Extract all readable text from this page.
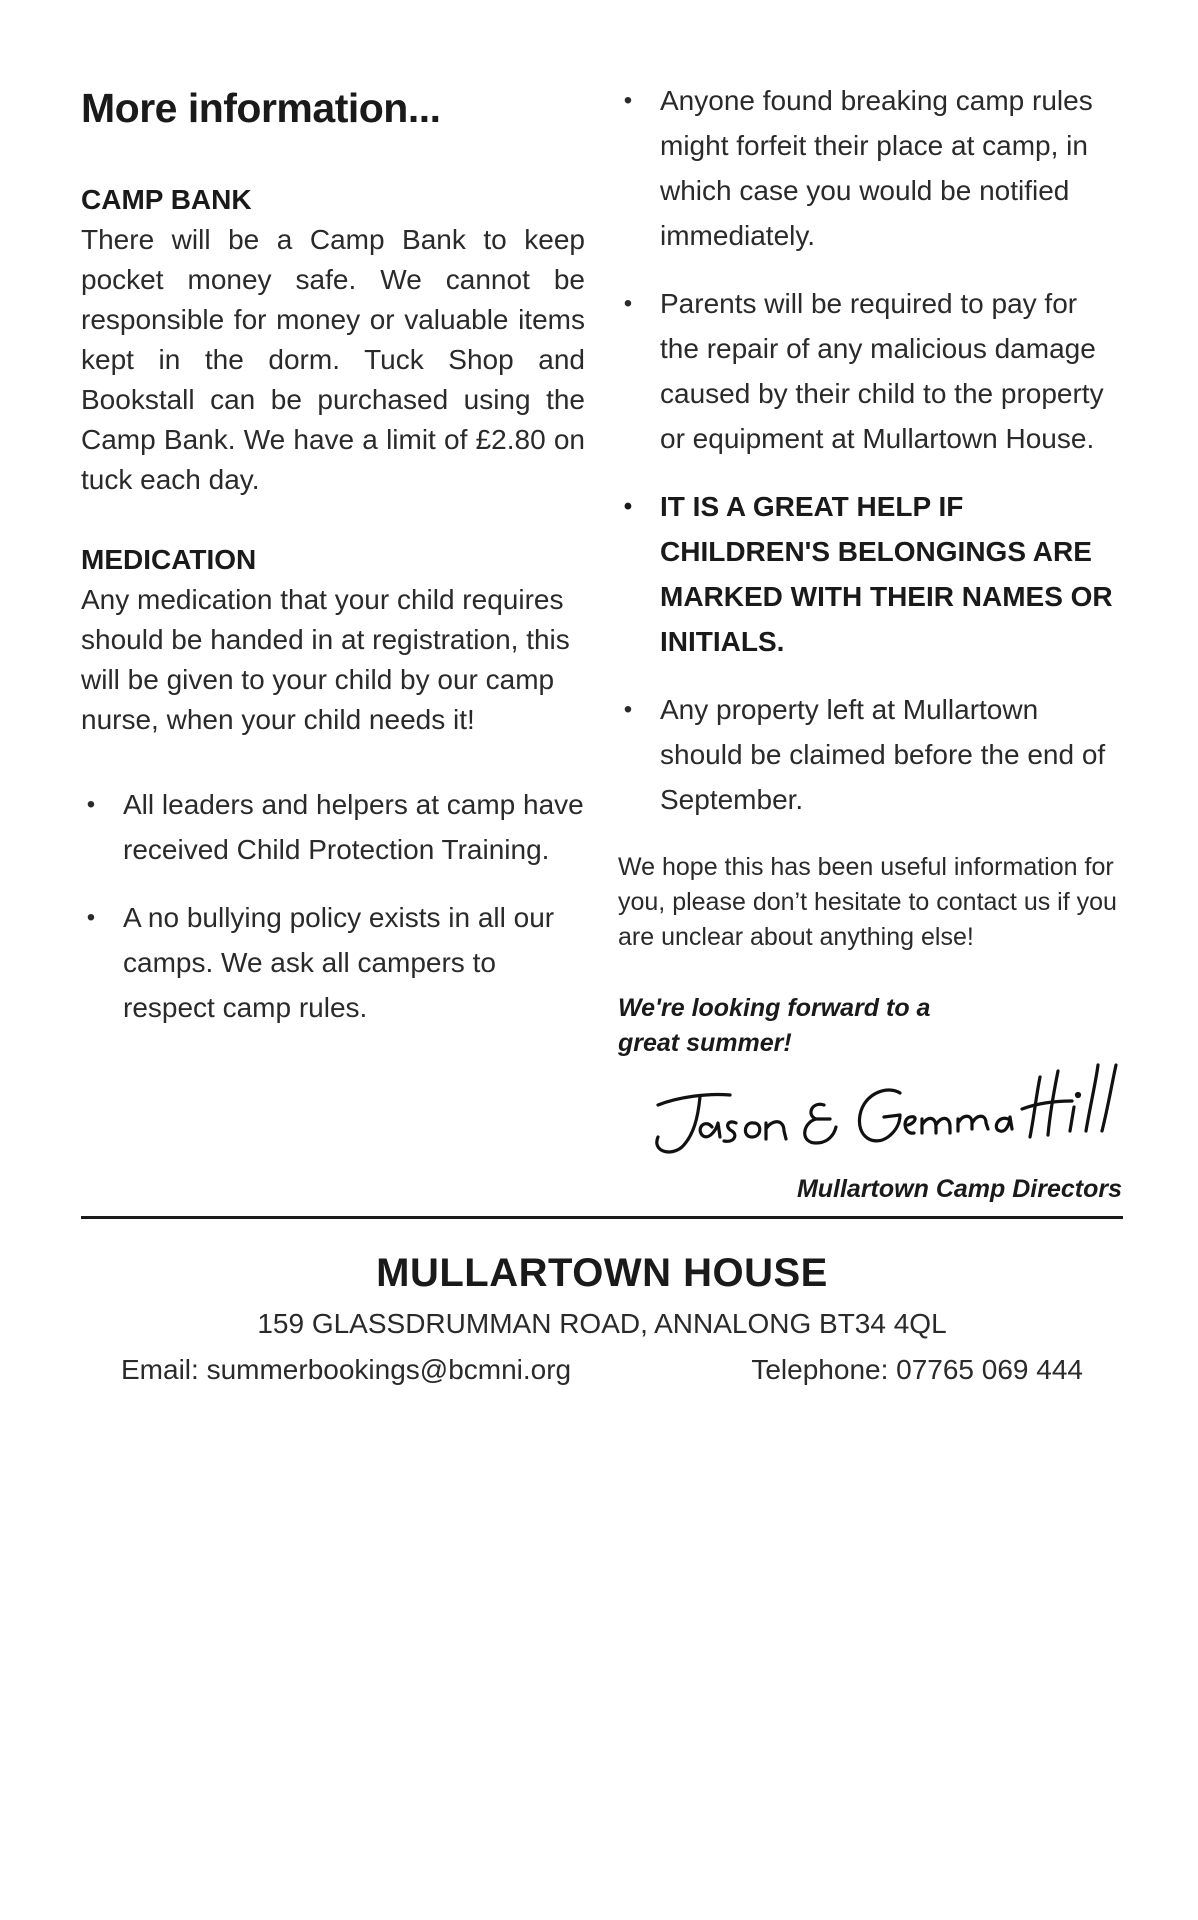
More information...

CAMP BANK

There will be a Camp Bank to keep pocket money safe. We cannot be responsible for money or valuable items kept in the dorm. Tuck Shop and Bookstall can be purchased using the Camp Bank. We have a limit of £2.80 on tuck each day.

MEDICATION

Any medication that your child requires should be handed in at registration, this will be given to your child by our camp nurse, when your child needs it!

• All leaders and helpers at camp have received Child Protection Training.
• A no bullying policy exists in all our camps. We ask all campers to respect camp rules.
• Anyone found breaking camp rules might forfeit their place at camp, in which case you would be notified immediately.
• Parents will be required to pay for the repair of any malicious damage caused by their child to the property or equipment at Mullartown House.
• IT IS A GREAT HELP IF CHILDREN'S BELONGINGS ARE MARKED WITH THEIR NAMES OR INITIALS.
• Any property left at Mullartown should be claimed before the end of September.

We hope this has been useful information for you, please don’t hesitate to contact us if you are unclear about anything else!

We're looking forward to a great summer!

Mullartown Camp Directors

MULLARTOWN HOUSE

159 GLASSDRUMMAN ROAD, ANNALONG BT34 4QL

Email: summerbookings@bcmni.org	Telephone: 07765 069 444
